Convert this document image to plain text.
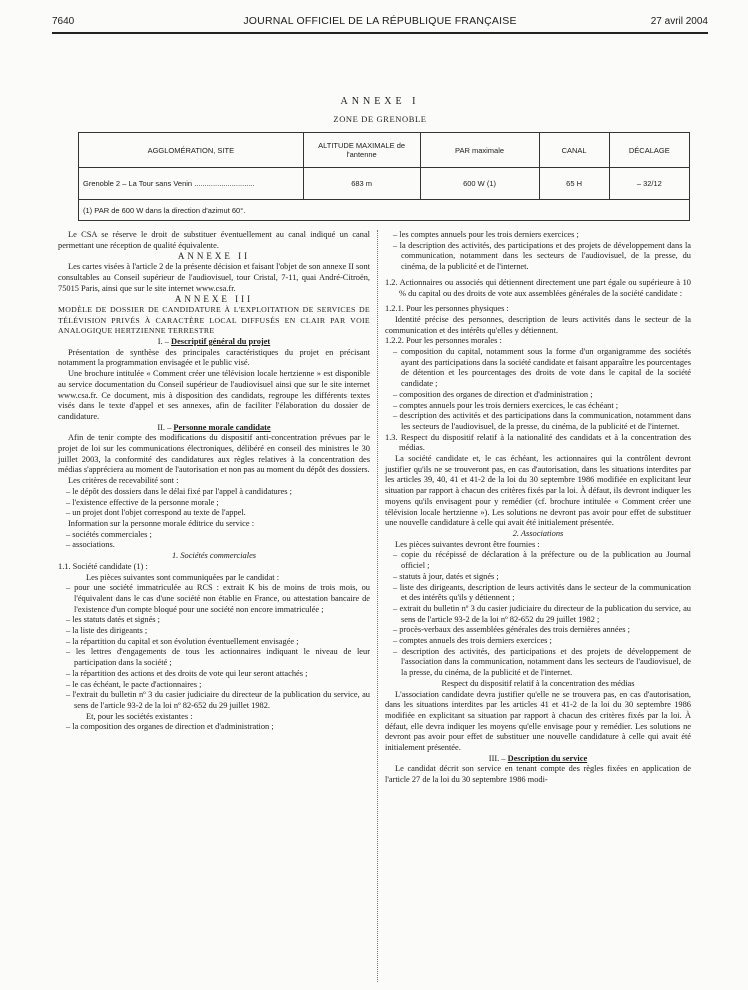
7640	JOURNAL OFFICIEL DE LA RÉPUBLIQUE FRANÇAISE	27 avril 2004
ANNEXE I
ZONE DE GRENOBLE
AGGLOMÉRATION, SITE	ALTITUDE MAXIMALE de l'antenne	PAR maximale	CANAL	DÉCALAGE
Grenoble 2 – La Tour sans Venin .............................	683 m	600 W (1)	65 H	– 32/12
(1) PAR de 600 W dans la direction d'azimut 60°.				

Le CSA se réserve le droit de substituer éventuellement au canal indiqué un canal permettant une réception de qualité équivalente.

ANNEXE II

Les cartes visées à l'article 2 de la présente décision et faisant l'objet de son annexe II sont consultables au Conseil supérieur de l'audiovisuel, tour Cristal, 7-11, quai André-Citroën, 75015 Paris, ainsi que sur le site internet www.csa.fr.

ANNEXE III

MODÈLE DE DOSSIER DE CANDIDATURE À L'EXPLOITATION DE SERVICES DE TÉLÉVISION PRIVÉS À CARACTÈRE LOCAL DIFFUSÉS EN CLAIR PAR VOIE ANALOGIQUE HERTZIENNE TERRESTRE

I. – Descriptif général du projet

Présentation de synthèse des principales caractéristiques du projet en précisant notamment la programmation envisagée et le public visé.

Une brochure intitulée « Comment créer une télévision locale hertzienne » est disponible au service documentation du Conseil supérieur de l'audiovisuel ainsi que sur le site internet www.csa.fr. Ce document, mis à disposition des candidats, regroupe les différents textes visés dans le texte d'appel et ses annexes, afin de faciliter l'élaboration du dossier de candidature.

II. – Personne morale candidate

Afin de tenir compte des modifications du dispositif anti-concentration prévues par le projet de loi sur les communications électroniques, délibéré en conseil des ministres le 30 juillet 2003, la conformité des candidatures aux règles relatives à la concentration des médias s'appréciera au moment de l'autorisation et non pas au moment du dépôt des dossiers.

Les critères de recevabilité sont :

– le dépôt des dossiers dans le délai fixé par l'appel à candidatures ;

– l'existence effective de la personne morale ;

– un projet dont l'objet correspond au texte de l'appel.

Information sur la personne morale éditrice du service :

– sociétés commerciales ;

– associations.

1. Sociétés commerciales

1.1. Société candidate (1) :

Les pièces suivantes sont communiquées par le candidat :

– pour une société immatriculée au RCS : extrait K bis de moins de trois mois, ou l'équivalent dans le cas d'une société non établie en France, ou attestation bancaire de l'existence d'un compte bloqué pour une société non encore immatriculée ;

– les statuts datés et signés ;

– la liste des dirigeants ;

– la répartition du capital et son évolution éventuellement envisagée ;

– les lettres d'engagements de tous les actionnaires indiquant le niveau de leur participation dans la société ;

– la répartition des actions et des droits de vote qui leur seront attachés ;

– le cas échéant, le pacte d'actionnaires ;

– l'extrait du bulletin nº 3 du casier judiciaire du directeur de la publication du service, au sens de l'article 93-2 de la loi nº 82-652 du 29 juillet 1982.

Et, pour les sociétés existantes :

– la composition des organes de direction et d'administration ;

– les comptes annuels pour les trois derniers exercices ;

– la description des activités, des participations et des projets de développement dans la communication, notamment dans les secteurs de l'audiovisuel, de la presse, du cinéma, de la publicité et de l'internet.

1.2. Actionnaires ou associés qui détiennent directement une part égale ou supérieure à 10 % du capital ou des droits de vote aux assemblées générales de la société candidate :

1.2.1. Pour les personnes physiques :

Identité précise des personnes, description de leurs activités dans le secteur de la communication et des intérêts qu'elles y détiennent.

1.2.2. Pour les personnes morales :

– composition du capital, notamment sous la forme d'un organigramme des sociétés ayant des participations dans la société candidate et faisant apparaître les pourcentages de détention et les pourcentages des droits de vote dans le capital de la société candidate ;

– composition des organes de direction et d'administration ;

– comptes annuels pour les trois derniers exercices, le cas échéant ;

– description des activités et des participations dans la communication, notamment dans les secteurs de l'audiovisuel, de la presse, du cinéma, de la publicité et de l'internet.

1.3. Respect du dispositif relatif à la nationalité des candidats et à la concentration des médias.

La société candidate et, le cas échéant, les actionnaires qui la contrôlent devront justifier qu'ils ne se trouveront pas, en cas d'autorisation, dans les situations interdites par les articles 39, 40, 41 et 41-2 de la loi du 30 septembre 1986 modifiée en explicitant leur situation par rapport à chacun des critères fixés par la loi. À défaut, ils devront indiquer les moyens qu'ils envisagent pour y remédier (cf. brochure intitulée « Comment créer une télévision locale hertzienne »). Les solutions ne devront pas avoir pour effet de substituer une nouvelle candidature à celle qui avait été initialement présentée.

2. Associations

Les pièces suivantes devront être fournies :

– copie du récépissé de déclaration à la préfecture ou de la publication au Journal officiel ;

– statuts à jour, datés et signés ;

– liste des dirigeants, description de leurs activités dans le secteur de la communication et des intérêts qu'ils y détiennent ;

– extrait du bulletin nº 3 du casier judiciaire du directeur de la publication du service, au sens de l'article 93-2 de la loi nº 82-652 du 29 juillet 1982 ;

– procès-verbaux des assemblées générales des trois dernières années ;

– comptes annuels des trois derniers exercices ;

– description des activités, des participations et des projets de développement de l'association dans la communication, notamment dans les secteurs de l'audiovisuel, de la presse, du cinéma, de la publicité et de l'internet.

Respect du dispositif relatif à la concentration des médias

L'association candidate devra justifier qu'elle ne se trouvera pas, en cas d'autorisation, dans les situations interdites par les articles 41 et 41-2 de la loi du 30 septembre 1986 modifiée en explicitant sa situation par rapport à chacun des critères fixés par la loi. À défaut, elle devra indiquer les moyens qu'elle envisage pour y remédier. Les solutions ne devront pas avoir pour effet de substituer une nouvelle candidature à celle qui avait été initialement présentée.

III. – Description du service

Le candidat décrit son service en tenant compte des règles fixées en application de l'article 27 de la loi du 30 septembre 1986 modi-
